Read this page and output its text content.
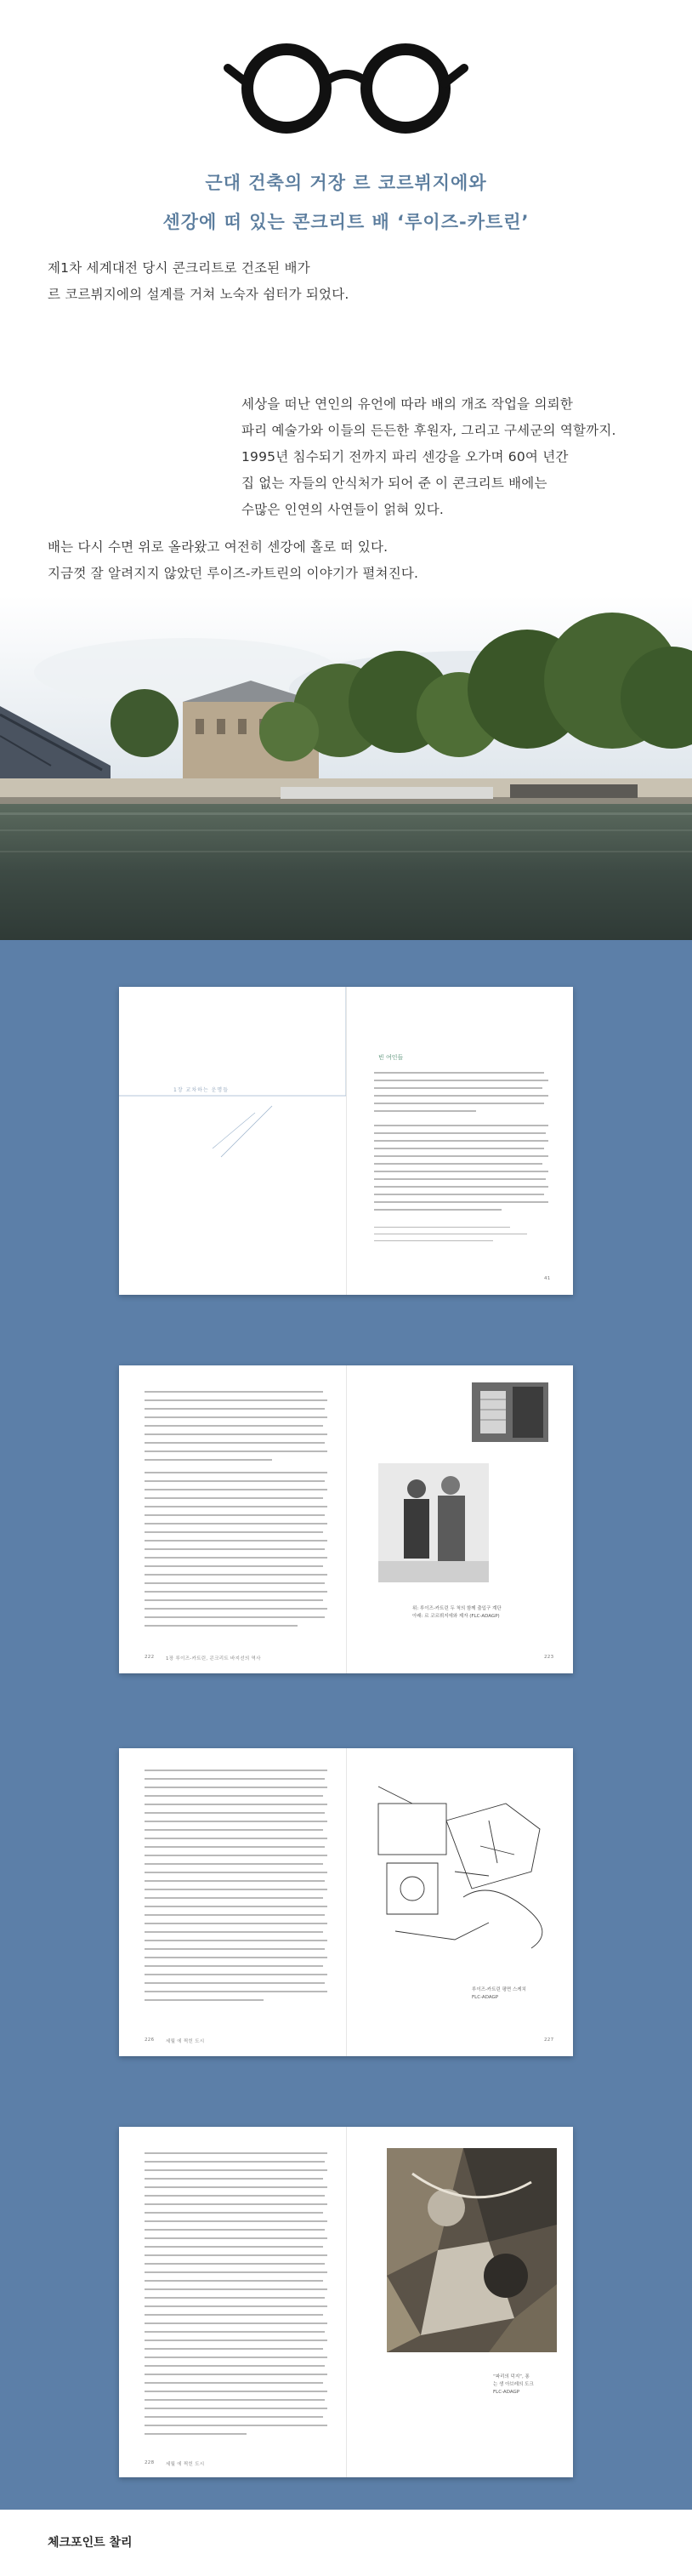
근대 건축의 거장 르 코르뷔지에와
센강에 떠 있는 콘크리트 배 ‘루이즈-카트린’
제1차 세계대전 당시 콘크리트로 건조된 배가
르 코르뷔지에의 설계를 거쳐 노숙자 쉼터가 되었다.
세상을 떠난 연인의 유언에 따라 배의 개조 작업을 의뢰한
파리 예술가와 이들의 든든한 후원자, 그리고 구세군의 역할까지.
1995년 침수되기 전까지 파리 센강을 오가며 60여 년간
집 없는 자들의 안식처가 되어 준 이 콘크리트 배에는
수많은 인연의 사연들이 얽혀 있다.
배는 다시 수면 위로 올라왔고 여전히 센강에 홀로 떠 있다.
지금껏 잘 알려지지 않았던 루이즈-카트린의 이야기가 펼쳐진다.
1장 교차하는 운명들
빈 여인들
41
위: 루이즈-카트린 두 척의 함께 출입구 계단
아래: 르 코르뷔지에와 제자 (FLC-ADAGP)
222 1장 루이즈-카트린, 콘크리트 바지선의 역사	223
루이즈-카트린 평면 스케치
FLC-ADAGP
226 세월 에 찍힌 도시	227
“파리의 덕지”, 퐁
는 생 아브레의 도크
FLC-ADAGP
228 세월 에 찍힌 도시
체크포인트 찰리
